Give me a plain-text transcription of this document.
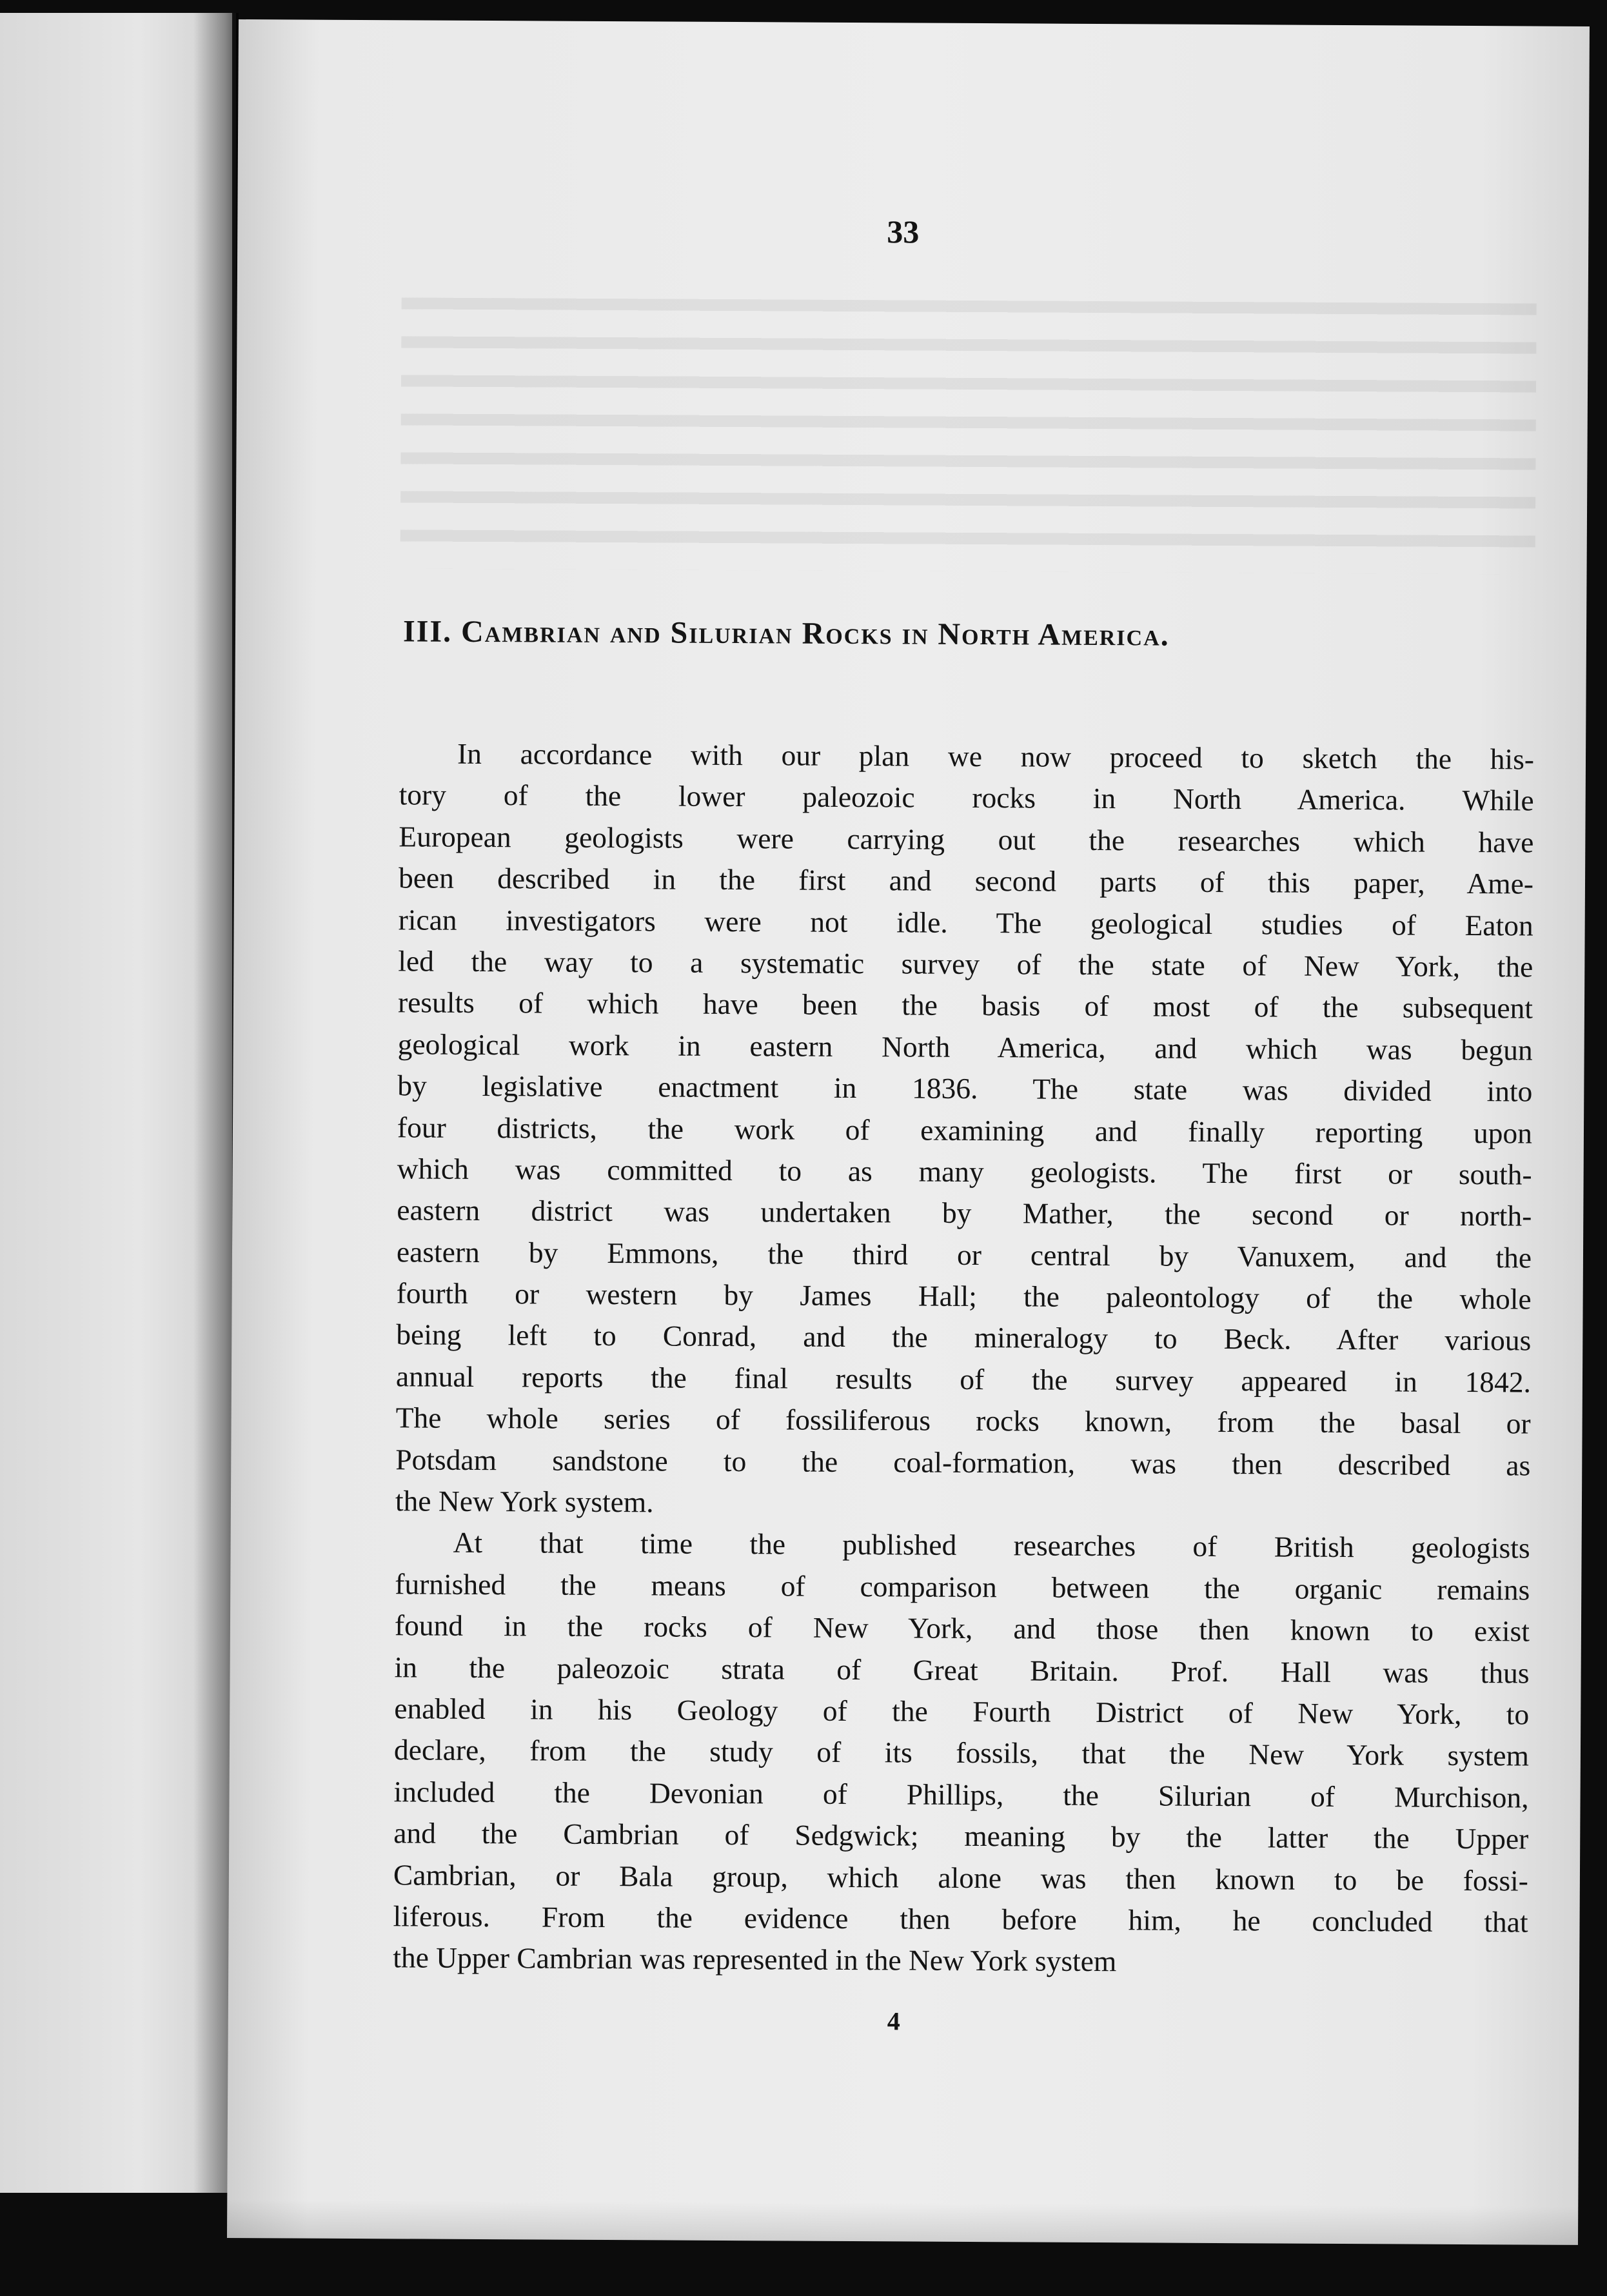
33
III. Cambrian and Silurian Rocks in North America.
In accordance with our plan we now proceed to sketch the his-
tory of the lower paleozoic rocks in North America. While
European geologists were carrying out the researches which have
been described in the first and second parts of this paper, Ame-
rican investigators were not idle. The geological studies of Eaton
led the way to a systematic survey of the state of New York, the
results of which have been the basis of most of the subsequent
geological work in eastern North America, and which was begun
by legislative enactment in 1836. The state was divided into
four districts, the work of examining and finally reporting upon
which was committed to as many geologists. The first or south-
eastern district was undertaken by Mather, the second or north-
eastern by Emmons, the third or central by Vanuxem, and the
fourth or western by James Hall; the paleontology of the whole
being left to Conrad, and the mineralogy to Beck. After various
annual reports the final results of the survey appeared in 1842.
The whole series of fossiliferous rocks known, from the basal or
Potsdam sandstone to the coal-formation, was then described as
the New York system.
At that time the published researches of British geologists
furnished the means of comparison between the organic remains
found in the rocks of New York, and those then known to exist
in the paleozoic strata of Great Britain. Prof. Hall was thus
enabled in his Geology of the Fourth District of New York, to
declare, from the study of its fossils, that the New York system
included the Devonian of Phillips, the Silurian of Murchison,
and the Cambrian of Sedgwick; meaning by the latter the Upper
Cambrian, or Bala group, which alone was then known to be fossi-
liferous. From the evidence then before him, he concluded that
the Upper Cambrian was represented in the New York system
4
